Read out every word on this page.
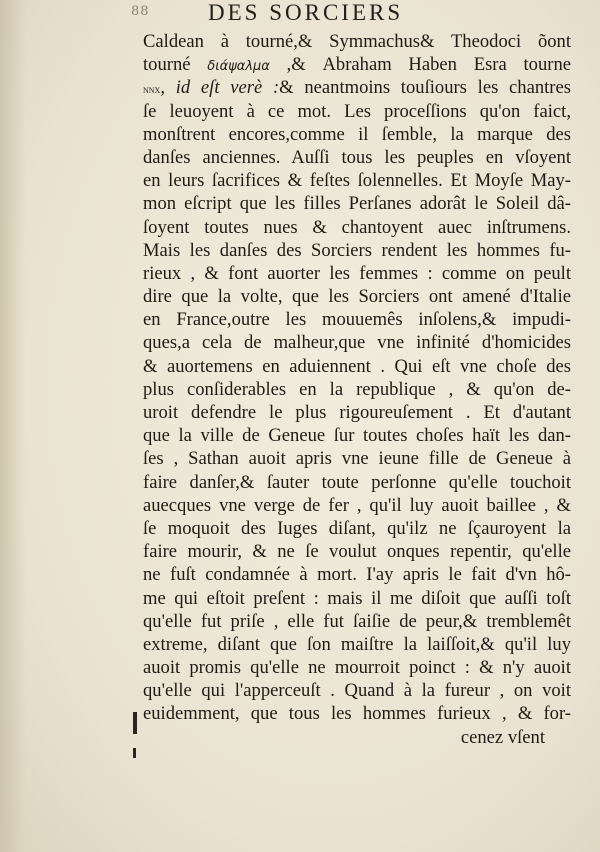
88	DES SORCIERS
Caldean à tourné,& Symmachus& Theodoci õont
tourné διάψαλμα ,& Abraham Haben Esra tourne
nnx, id eſt verè :& neantmoins touſiours les chantres
ſe leuoyent à ce mot. Les proceſſions qu'on faict,
monſtrent encores,comme il ſemble, la marque des
danſes anciennes. Auſſi tous les peuples en vſoyent
en leurs ſacrifices & feſtes ſolennelles. Et Moyſe May-
mon eſcript que les filles Perſanes adorât le Soleil dâ-
ſoyent toutes nues & chantoyent auec inſtrumens.
Mais les danſes des Sorciers rendent les hommes fu-
rieux , & font auorter les femmes : comme on peult
dire que la volte, que les Sorciers ont amené d'Italie
en France,outre les mouuemês inſolens,& impudi-
ques,a cela de malheur,que vne infinité d'homicides
& auortemens en aduiennent . Qui eſt vne choſe des
plus conſiderables en la republique , & qu'on de-
uroit defendre le plus rigoureuſement . Et d'autant
que la ville de Geneue ſur toutes choſes haït les dan-
ſes , Sathan auoit apris vne ieune fille de Geneue à
faire danſer,& ſauter toute perſonne qu'elle touchoit
auecques vne verge de fer , qu'il luy auoit baillee , &
ſe moquoit des Iuges diſant, qu'ilz ne ſçauroyent la
faire mourir, & ne ſe voulut onques repentir, qu'elle
ne fuſt condamnée à mort. I'ay apris le fait d'vn hô-
me qui eſtoit preſent : mais il me diſoit que auſſi toſt
qu'elle fut priſe , elle fut ſaiſie de peur,& tremblemêt
extreme, diſant que ſon maiſtre la laiſſoit,& qu'il luy
auoit promis qu'elle ne mourroit poinct : & n'y auoit
qu'elle qui l'apperceuſt . Quand à la fureur , on voit
euidemment, que tous les hommes furieux , & for-
cenez vſent
